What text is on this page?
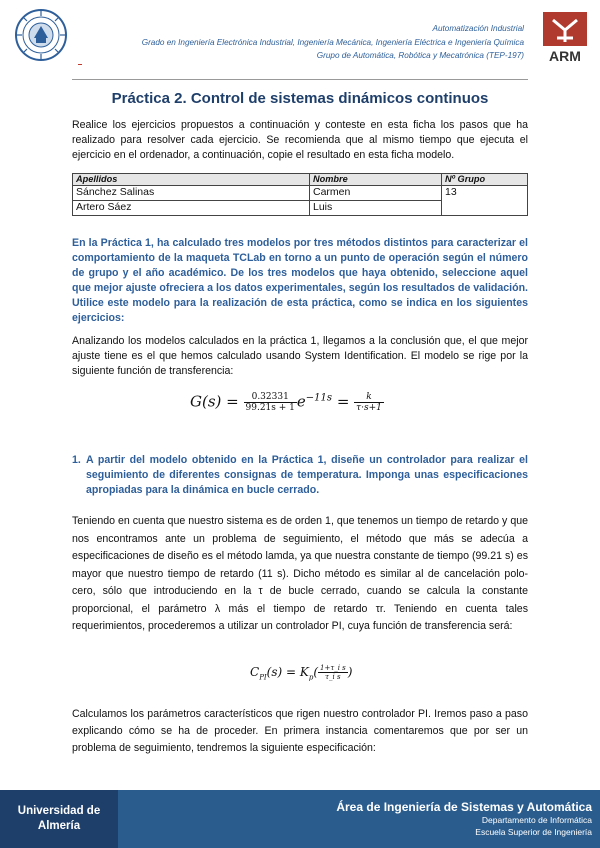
Automatización Industrial
Grado en Ingeniería Electrónica Industrial, Ingeniería Mecánica, Ingeniería Eléctrica e Ingeniería Química
Grupo de Automática, Robótica y Mecatrónica (TEP-197) ARM
Práctica 2. Control de sistemas dinámicos continuos
Realice los ejercicios propuestos a continuación y conteste en esta ficha los pasos que ha realizado para resolver cada ejercicio. Se recomienda que al mismo tiempo que ejecuta el ejercicio en el ordenador, a continuación, copie el resultado en esta ficha modelo.
Apellidos	Nombre	Nº Grupo
Sánchez Salinas	Carmen	13
Artero Sáez	Luis	
En la Práctica 1, ha calculado tres modelos por tres métodos distintos para caracterizar el comportamiento de la maqueta TCLab en torno a un punto de operación según el número de grupo y el año académico. De los tres modelos que haya obtenido, seleccione aquel que mejor ajuste ofreciera a los datos experimentales, según los resultados de validación. Utilice este modelo para la realización de esta práctica, como se indica en los siguientes ejercicios:
Analizando los modelos calculados en la práctica 1, llegamos a la conclusión que, el que mejor ajuste tiene es el que hemos calculado usando System Identification. El modelo se rige por la siguiente función de transferencia:
$G(s) = \frac{0.32331}{99.21s + 1} e^{-11s} = \frac{k}{\tau\cdot s+1}$
1. A partir del modelo obtenido en la Práctica 1, diseñe un controlador para realizar el seguimiento de diferentes consignas de temperatura. Imponga unas especificaciones apropiadas para la dinámica en bucle cerrado.
Teniendo en cuenta que nuestro sistema es de orden 1, que tenemos un tiempo de retardo y que nos encontramos ante un problema de seguimiento, el método que más se adecúa a especificaciones de diseño es el método lamda, ya que nuestra constante de tiempo (99.21 s) es mayor que nuestro tiempo de retardo (11 s). Dicho método es similar al de cancelación polo-cero, sólo que introduciendo en la τ de bucle cerrado, cuando se calcula la constante proporcional, el parámetro λ más el tiempo de retardo τr. Teniendo en cuenta tales requerimientos, procederemos a utilizar un controlador PI, cuya función de transferencia será:
$C_{PI}(s) = K_p( \frac{\text{1+τ\_i s}}{\text{τ\_i s}}$ )
Calculamos los parámetros característicos que rigen nuestro controlador PI. Iremos paso a paso explicando cómo se ha de proceder. En primera instancia comentaremos que por ser un problema de seguimiento, tendremos la siguiente especificación:
Universidad de Almería
Área de Ingeniería de Sistemas y Automática
Departamento de Informática
Escuela Superior de Ingeniería
